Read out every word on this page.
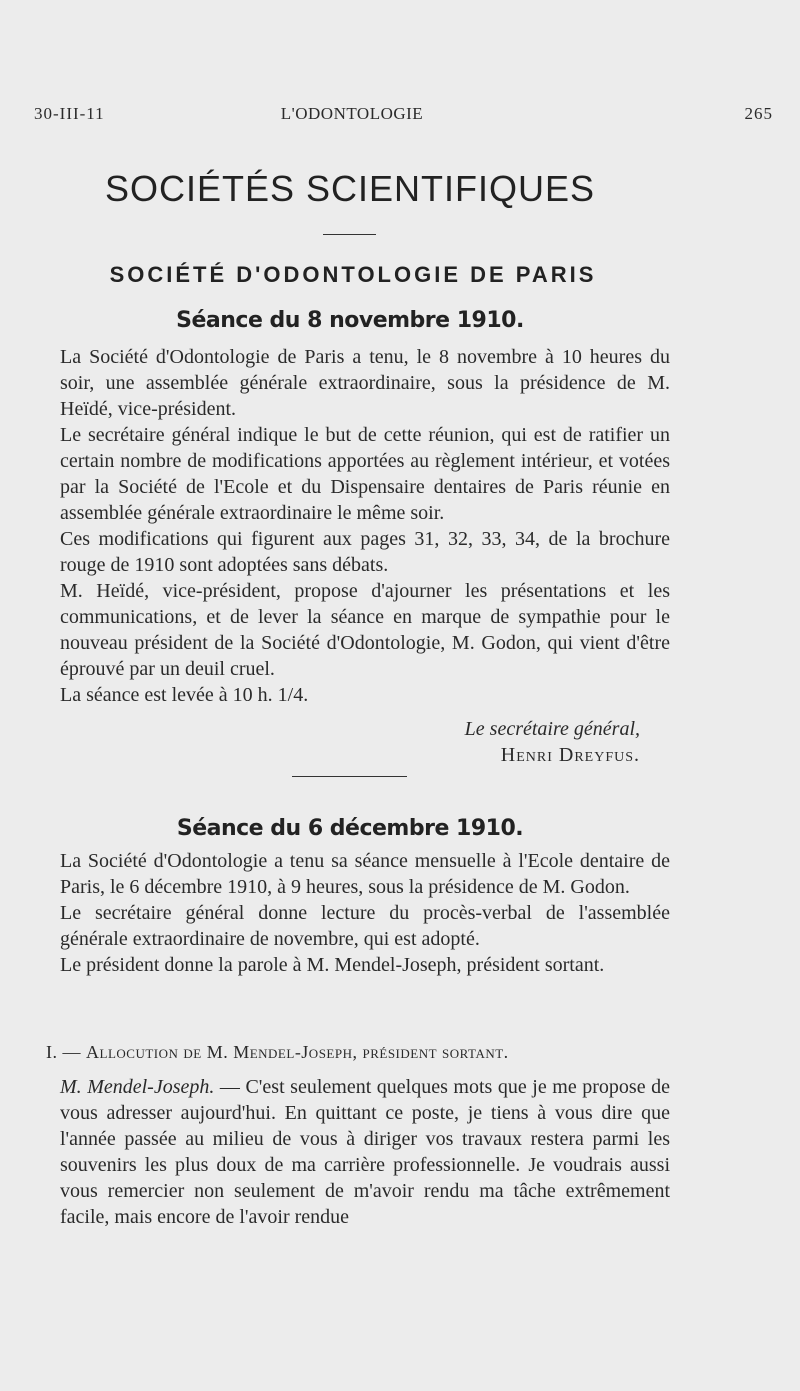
30-III-11	L'ODONTOLOGIE	265
SOCIÉTÉS SCIENTIFIQUES
SOCIÉTÉ D'ODONTOLOGIE DE PARIS
Séance du 8 novembre 1910.

La Société d'Odontologie de Paris a tenu, le 8 novembre à 10 heures du soir, une assemblée générale extraordinaire, sous la présidence de M. Heïdé, vice-président.

Le secrétaire général indique le but de cette réunion, qui est de ratifier un certain nombre de modifications apportées au règlement intérieur, et votées par la Société de l'Ecole et du Dispensaire dentaires de Paris réunie en assemblée générale extraordinaire le même soir.

Ces modifications qui figurent aux pages 31, 32, 33, 34, de la brochure rouge de 1910 sont adoptées sans débats.

M. Heïdé, vice-président, propose d'ajourner les présentations et les communications, et de lever la séance en marque de sympathie pour le nouveau président de la Société d'Odontologie, M. Godon, qui vient d'être éprouvé par un deuil cruel.

La séance est levée à 10 h. 1/4.

Le secrétaire général,
Henri Dreyfus.
Séance du 6 décembre 1910.

La Société d'Odontologie a tenu sa séance mensuelle à l'Ecole dentaire de Paris, le 6 décembre 1910, à 9 heures, sous la présidence de M. Godon.

Le secrétaire général donne lecture du procès-verbal de l'assemblée générale extraordinaire de novembre, qui est adopté.

Le président donne la parole à M. Mendel-Joseph, président sortant.

I. — Allocution de M. Mendel-Joseph, président sortant.
M. Mendel-Joseph. — C'est seulement quelques mots que je me propose de vous adresser aujourd'hui. En quittant ce poste, je tiens à vous dire que l'année passée au milieu de vous à diriger vos travaux restera parmi les souvenirs les plus doux de ma carrière professionnelle. Je voudrais aussi vous remercier non seulement de m'avoir rendu ma tâche extrêmement facile, mais encore de l'avoir rendue
